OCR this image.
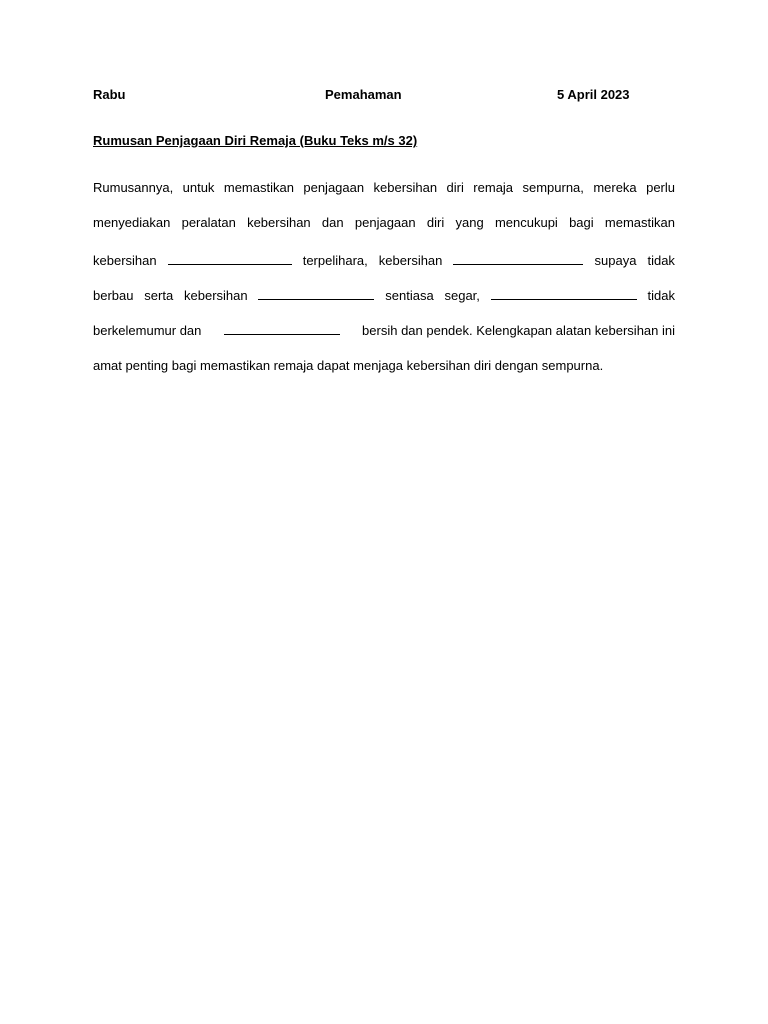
Rabu	Pemahaman	5 April 2023
Rumusan Penjagaan Diri Remaja (Buku Teks m/s 32)
Rumusannya, untuk memastikan penjagaan kebersihan diri remaja sempurna, mereka perlu
menyediakan peralatan kebersihan dan penjagaan diri yang mencukupi bagi memastikan
kebersihan	terpelihara, kebersihan	supaya tidak
berbau serta kebersihan	sentiasa segar,	tidak
berkelemumur dan	bersih dan pendek. Kelengkapan alatan kebersihan ini
amat penting bagi memastikan remaja dapat menjaga kebersihan diri dengan sempurna.
